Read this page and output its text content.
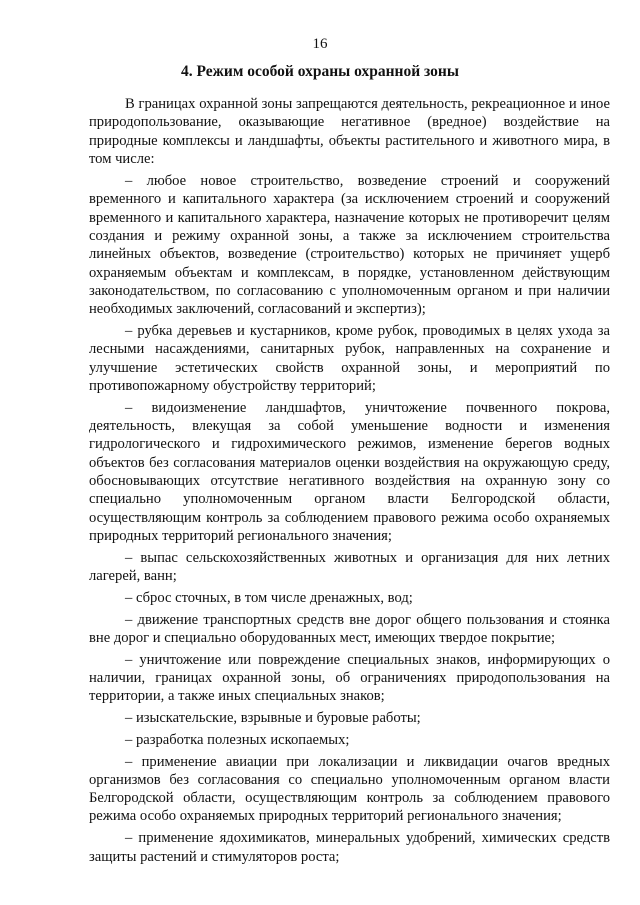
16
4. Режим особой охраны охранной зоны

В границах охранной зоны запрещаются деятельность, рекреационное и иное природопользование, оказывающие негативное (вредное) воздействие на природные комплексы и ландшафты, объекты растительного и животного мира, в том числе:

– любое новое строительство, возведение строений и сооружений временного и капитального характера (за исключением строений и сооружений временного и капитального характера, назначение которых не противоречит целям создания и режиму охранной зоны, а также за исключением строительства линейных объектов, возведение (строительство) которых не причиняет ущерб охраняемым объектам и комплексам, в порядке, установленном действующим законодательством, по согласованию с уполномоченным органом и при наличии необходимых заключений, согласований и экспертиз);

– рубка деревьев и кустарников, кроме рубок, проводимых в целях ухода за лесными насаждениями, санитарных рубок, направленных на сохранение и улучшение эстетических свойств охранной зоны, и мероприятий по противопожарному обустройству территорий;

– видоизменение ландшафтов, уничтожение почвенного покрова, деятельность, влекущая за собой уменьшение водности и изменения гидрологического и гидрохимического режимов, изменение берегов водных объектов без согласования материалов оценки воздействия на окружающую среду, обосновывающих отсутствие негативного воздействия на охранную зону со специально уполномоченным органом власти Белгородской области, осуществляющим контроль за соблюдением правового режима особо охраняемых природных территорий регионального значения;

– выпас сельскохозяйственных животных и организация для них летних лагерей, ванн;

– сброс сточных, в том числе дренажных, вод;

– движение транспортных средств вне дорог общего пользования и стоянка вне дорог и специально оборудованных мест, имеющих твердое покрытие;

– уничтожение или повреждение специальных знаков, информирующих о наличии, границах охранной зоны, об ограничениях природопользования на территории, а также иных специальных знаков;

– изыскательские, взрывные и буровые работы;

– разработка полезных ископаемых;

– применение авиации при локализации и ликвидации очагов вредных организмов без согласования со специально уполномоченным органом власти Белгородской области, осуществляющим контроль за соблюдением правового режима особо охраняемых природных территорий регионального значения;

– применение ядохимикатов, минеральных удобрений, химических средств защиты растений и стимуляторов роста;
